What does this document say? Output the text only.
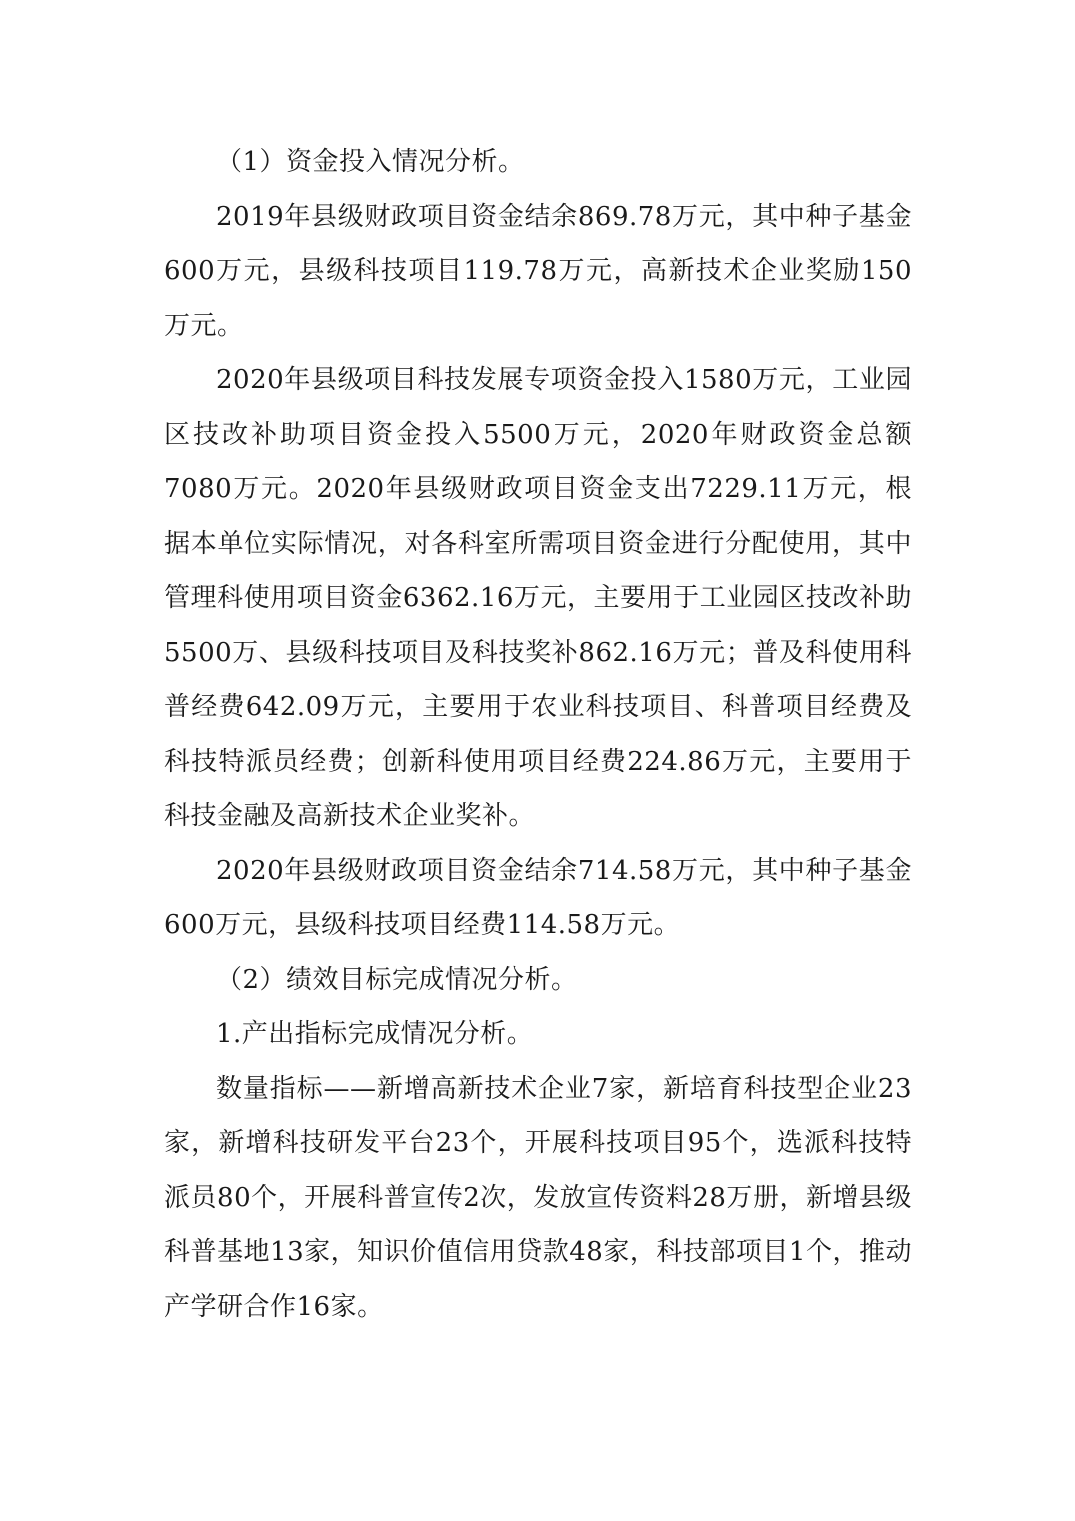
（1）资金投入情况分析。

2019年县级财政项目资金结余869.78万元，其中种子基金600万元，县级科技项目119.78万元，高新技术企业奖励150万元。

2020年县级项目科技发展专项资金投入1580万元，工业园区技改补助项目资金投入5500万元，2020年财政资金总额7080万元。2020年县级财政项目资金支出7229.11万元，根据本单位实际情况，对各科室所需项目资金进行分配使用，其中管理科使用项目资金6362.16万元，主要用于工业园区技改补助5500万、县级科技项目及科技奖补862.16万元；普及科使用科普经费642.09万元，主要用于农业科技项目、科普项目经费及科技特派员经费；创新科使用项目经费224.86万元，主要用于科技金融及高新技术企业奖补。

2020年县级财政项目资金结余714.58万元，其中种子基金600万元，县级科技项目经费114.58万元。

（2）绩效目标完成情况分析。

1.产出指标完成情况分析。

数量指标——新增高新技术企业7家，新培育科技型企业23家，新增科技研发平台23个，开展科技项目95个，选派科技特派员80个，开展科普宣传2次，发放宣传资料28万册，新增县级科普基地13家，知识价值信用贷款48家，科技部项目1个，推动产学研合作16家。
